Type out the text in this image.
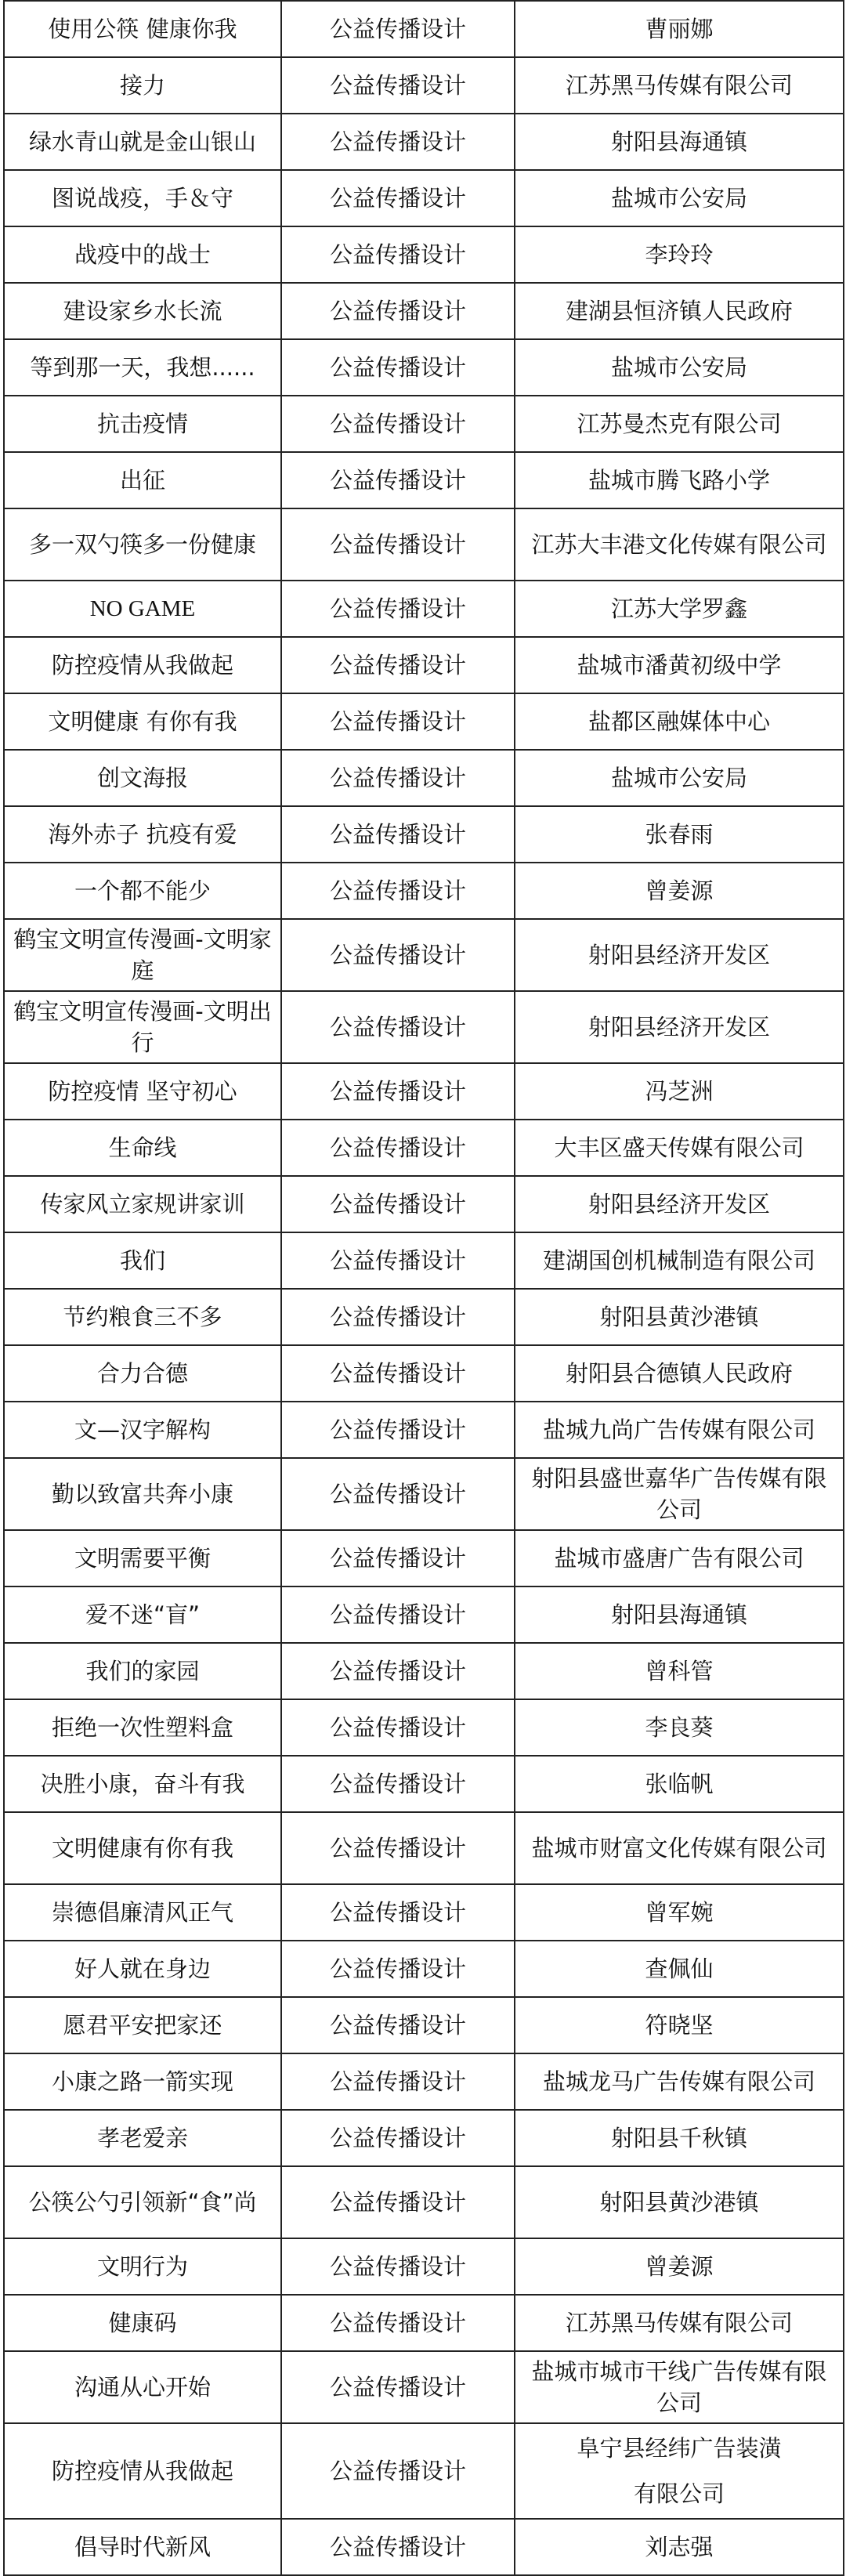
使用公筷 健康你我	公益传播设计	曹丽娜
接力	公益传播设计	江苏黑马传媒有限公司
绿水青山就是金山银山	公益传播设计	射阳县海通镇
图说战疫，手＆守	公益传播设计	盐城市公安局
战疫中的战士	公益传播设计	李玲玲
建设家乡水长流	公益传播设计	建湖县恒济镇人民政府
等到那一天，我想......	公益传播设计	盐城市公安局
抗击疫情	公益传播设计	江苏曼杰克有限公司
出征	公益传播设计	盐城市腾飞路小学
多一双勺筷多一份健康	公益传播设计	江苏大丰港文化传媒有限公司
NO GAME	公益传播设计	江苏大学罗鑫
防控疫情从我做起	公益传播设计	盐城市潘黄初级中学
文明健康 有你有我	公益传播设计	盐都区融媒体中心
创文海报	公益传播设计	盐城市公安局
海外赤子 抗疫有爱	公益传播设计	张春雨
一个都不能少	公益传播设计	曾姜源
鹤宝文明宣传漫画-文明家庭	公益传播设计	射阳县经济开发区
鹤宝文明宣传漫画-文明出行	公益传播设计	射阳县经济开发区
防控疫情 坚守初心	公益传播设计	冯芝洲
生命线	公益传播设计	大丰区盛天传媒有限公司
传家风立家规讲家训	公益传播设计	射阳县经济开发区
我们	公益传播设计	建湖国创机械制造有限公司
节约粮食三不多	公益传播设计	射阳县黄沙港镇
合力合德	公益传播设计	射阳县合德镇人民政府
文—汉字解构	公益传播设计	盐城九尚广告传媒有限公司
勤以致富共奔小康	公益传播设计	射阳县盛世嘉华广告传媒有限公司
文明需要平衡	公益传播设计	盐城市盛唐广告有限公司
爱不迷“盲”	公益传播设计	射阳县海通镇
我们的家园	公益传播设计	曾科管
拒绝一次性塑料盒	公益传播设计	李良葵
决胜小康，奋斗有我	公益传播设计	张临帆
文明健康有你有我	公益传播设计	盐城市财富文化传媒有限公司
崇德倡廉清风正气	公益传播设计	曾军婉
好人就在身边	公益传播设计	查佩仙
愿君平安把家还	公益传播设计	符晓坚
小康之路一箭实现	公益传播设计	盐城龙马广告传媒有限公司
孝老爱亲	公益传播设计	射阳县千秋镇
公筷公勺引领新“食”尚	公益传播设计	射阳县黄沙港镇
文明行为	公益传播设计	曾姜源
健康码	公益传播设计	江苏黑马传媒有限公司
沟通从心开始	公益传播设计	盐城市城市干线广告传媒有限公司
防控疫情从我做起	公益传播设计	阜宁县经纬广告装潢
有限公司

倡导时代新风	公益传播设计	刘志强
